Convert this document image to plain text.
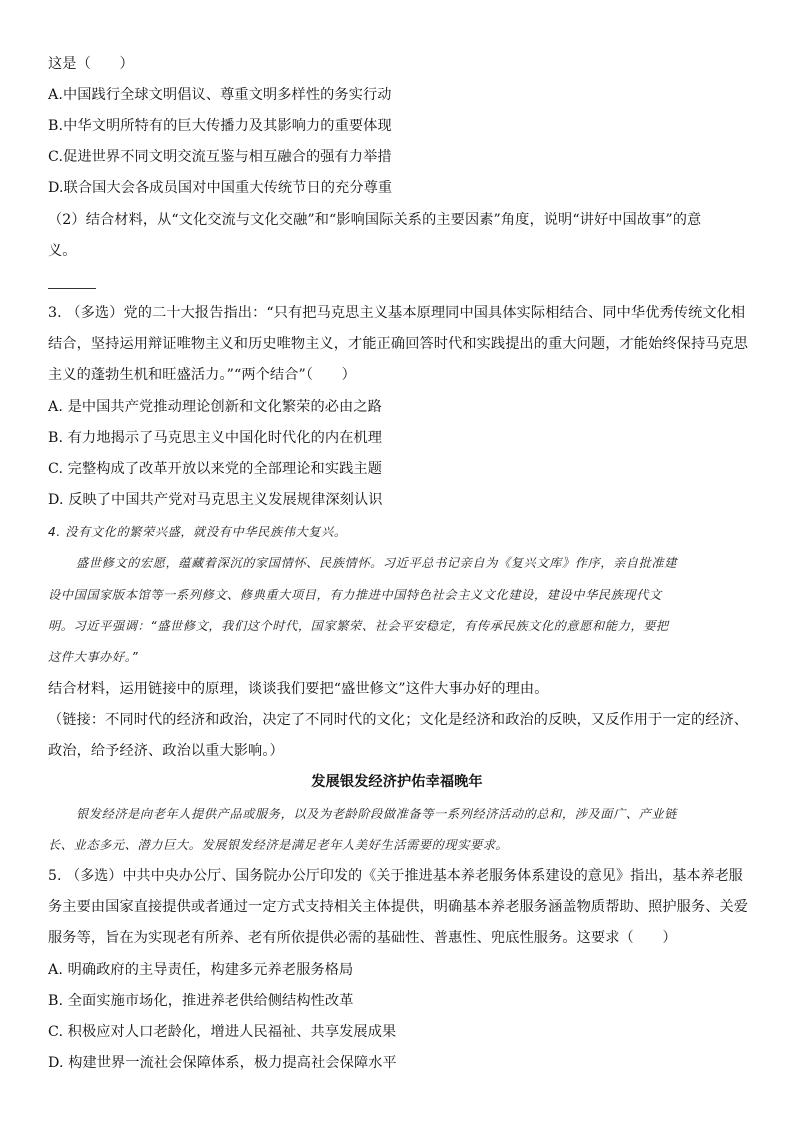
这是（　　）
A.中国践行全球文明倡议、尊重文明多样性的务实行动
B.中华文明所特有的巨大传播力及其影响力的重要体现
C.促进世界不同文明交流互鉴与相互融合的强有力举措
D.联合国大会各成员国对中国重大传统节日的充分尊重
（2）结合材料，从“文化交流与文化交融”和“影响国际关系的主要因素”角度，说明“讲好中国故事”的意
义。
3. （多选）党的二十大报告指出：“只有把马克思主义基本原理同中国具体实际相结合、同中华优秀传统文化相
结合，坚持运用辩证唯物主义和历史唯物主义，才能正确回答时代和实践提出的重大问题，才能始终保持马克思
主义的蓬勃生机和旺盛活力。”“两个结合”（　　）
A. 是中国共产党推动理论创新和文化繁荣的必由之路
B. 有力地揭示了马克思主义中国化时代化的内在机理
C. 完整构成了改革开放以来党的全部理论和实践主题
D. 反映了中国共产党对马克思主义发展规律深刻认识
4. 没有文化的繁荣兴盛，就没有中华民族伟大复兴。
盛世修文的宏愿，蕴藏着深沉的家国情怀、民族情怀。习近平总书记亲自为《复兴文库》作序，亲自批准建
设中国国家版本馆等一系列修文、修典重大项目，有力推进中国特色社会主义文化建设，建设中华民族现代文
明。习近平强调：“盛世修文，我们这个时代，国家繁荣、社会平安稳定，有传承民族文化的意愿和能力，要把
这件大事办好。”
结合材料，运用链接中的原理，谈谈我们要把“盛世修文”这件大事办好的理由。
（链接：不同时代的经济和政治，决定了不同时代的文化；文化是经济和政治的反映，又反作用于一定的经济、
政治，给予经济、政治以重大影响。）
发展银发经济护佑幸福晚年
银发经济是向老年人提供产品或服务，以及为老龄阶段做准备等一系列经济活动的总和，涉及面广、产业链
长、业态多元、潜力巨大。发展银发经济是满足老年人美好生活需要的现实要求。
5. （多选）中共中央办公厅、国务院办公厅印发的《关于推进基本养老服务体系建设的意见》指出，基本养老服
务主要由国家直接提供或者通过一定方式支持相关主体提供，明确基本养老服务涵盖物质帮助、照护服务、关爱
服务等，旨在为实现老有所养、老有所依提供必需的基础性、普惠性、兜底性服务。这要求（　　）
A. 明确政府的主导责任，构建多元养老服务格局
B. 全面实施市场化，推进养老供给侧结构性改革
C. 积极应对人口老龄化，增进人民福祉、共享发展成果
D. 构建世界一流社会保障体系，极力提高社会保障水平
